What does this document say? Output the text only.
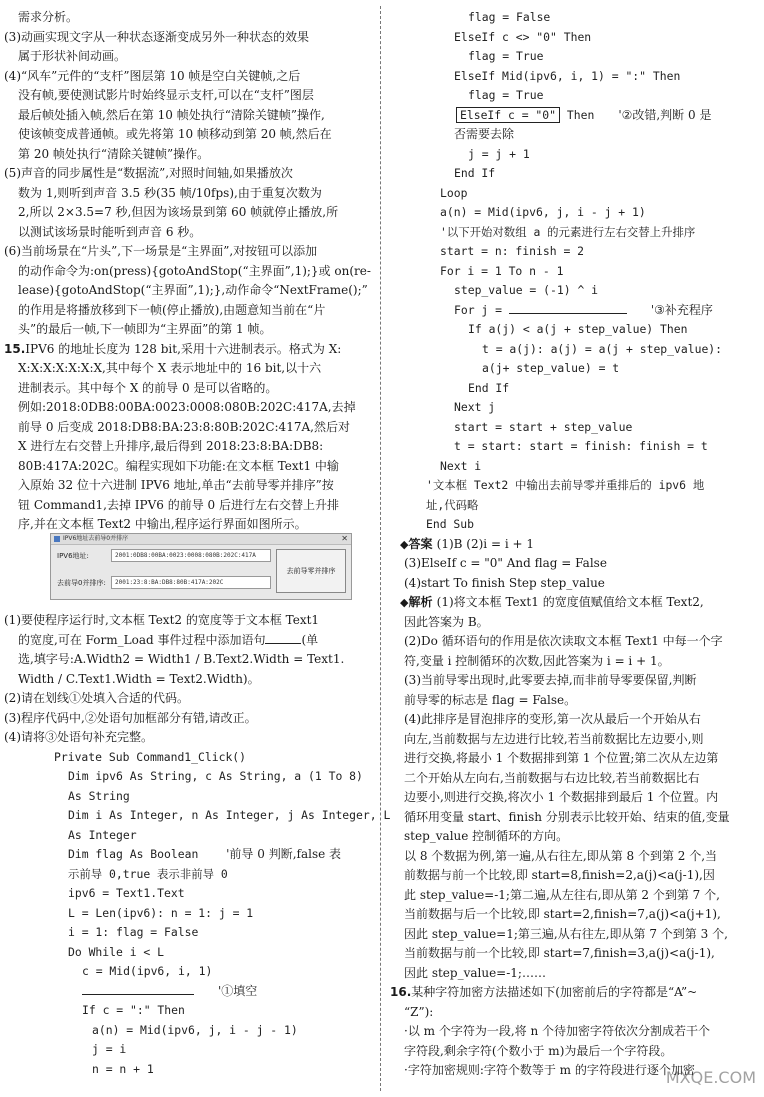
IPV6地址去前导0并排序	✕
IPV6地址:	2001:0DB8:00BA:0023:0008:080B:202C:417A
去前导0并排序:	2001:23:8:BA:DB8:80B:417A:202C
去前导零并排序
MXQE.COM
需求分析。
(3)动画实现文字从一种状态逐渐变成另外一种状态的效果
属于形状补间动画。
(4)“风车”元件的“支杆”图层第 10 帧是空白关键帧,之后
没有帧,要使测试影片时始终显示支杆,可以在“支杆”图层
最后帧处插入帧,然后在第 10 帧处执行“清除关键帧”操作,
使该帧变成普通帧。或先将第 10 帧移动到第 20 帧,然后在
第 20 帧处执行“清除关键帧”操作。
(5)声音的同步属性是“数据流”,对照时间轴,如果播放次
数为 1,则听到声音 3.5 秒(35 帧/10fps),由于重复次数为
2,所以 2×3.5=7 秒,但因为该场景到第 60 帧就停止播放,所
以测试该场景时能听到声音 6 秒。
(6)当前场景在“片头”,下一场景是“主界面”,对按钮可以添加
的动作命令为:on(press){gotoAndStop(“主界面”,1);}或 on(re-
lease){gotoAndStop(“主界面”,1);},动作命令“NextFrame();”
的作用是将播放移到下一帧(停止播放),由题意知当前在“片
头”的最后一帧,下一帧即为“主界面”的第 1 帧。
15.IPV6 的地址长度为 128 bit,采用十六进制表示。格式为 X:
X:X:X:X:X:X:X,其中每个 X 表示地址中的 16 bit,以十六
进制表示。其中每个 X 的前导 0 是可以省略的。
例如:2018:0DB8:00BA:0023:0008:080B:202C:417A,去掉
前导 0 后变成 2018:DB8:BA:23:8:80B:202C:417A,然后对
X 进行左右交替上升排序,最后得到 2018:23:8:BA:DB8:
80B:417A:202C。编程实现如下功能:在文本框 Text1 中输
入原始 32 位十六进制 IPV6 地址,单击“去前导零并排序”按
钮 Command1,去掉 IPV6 的前导 0 后进行左右交替上升排
序,并在文本框 Text2 中输出,程序运行界面如图所示。
(1)要使程序运行时,文本框 Text2 的宽度等于文本框 Text1
的宽度,可在 Form_Load 事件过程中添加语句	(单
选,填字号:A.Width2 = Width1 / B.Text2.Width = Text1.
Width / C.Text1.Width = Text2.Width)。
(2)请在划线①处填入合适的代码。
(3)程序代码中,②处语句加框部分有错,请改正。
(4)请将③处语句补充完整。
Private Sub Command1_Click()
Dim ipv6 As String, c As String, a (1 To 8)
As String
Dim i As Integer, n As Integer, j As Integer, L
As Integer
Dim flag As Boolean '前导 0 判断,false 表
示前导 0,true 表示非前导 0
ipv6 = Text1.Text
L = Len(ipv6): n = 1: j = 1
i = 1: flag = False
Do While i < L
c = Mid(ipv6, i, 1)
'①填空
If c = ":" Then
a(n) = Mid(ipv6, j, i - j - 1)
j = i
n = n + 1
flag = False
ElseIf c <> "0" Then
flag = True
ElseIf Mid(ipv6, i, 1) = ":" Then
flag = True
ElseIf c = "0" Then '②改错,判断 0 是
否需要去除
j = j + 1
End If
Loop
a(n) = Mid(ipv6, j, i - j + 1)
'以下开始对数组 a 的元素进行左右交替上升排序
start = n: finish = 2
For i = 1 To n - 1
step_value = (-1) ^ i
For j =	'③补充程序
If a(j) < a(j + step_value) Then
t = a(j): a(j) = a(j + step_value):
a(j+ step_value) = t
End If
Next j
start = start + step_value
t = start: start = finish: finish = t
Next i
'文本框 Text2 中输出去前导零并重排后的 ipv6 地
址,代码略
End Sub
◆答案 (1)B (2)i = i + 1
(3)ElseIf c = "0" And flag = False
(4)start To finish Step step_value
◆解析 (1)将文本框 Text1 的宽度值赋值给文本框 Text2,
因此答案为 B。
(2)Do 循环语句的作用是依次读取文本框 Text1 中每一个字
符,变量 i 控制循环的次数,因此答案为 i = i + 1。
(3)当前导零出现时,此零要去掉,而非前导零要保留,判断
前导零的标志是 flag = False。
(4)此排序是冒泡排序的变形,第一次从最后一个开始从右
向左,当前数据与左边进行比较,若当前数据比左边要小,则
进行交换,将最小 1 个数据排到第 1 个位置;第二次从左边第
二个开始从左向右,当前数据与右边比较,若当前数据比右
边要小,则进行交换,将次小 1 个数据排到最后 1 个位置。内
循环用变量 start、finish 分别表示比较开始、结束的值,变量
step_value 控制循环的方向。
以 8 个数据为例,第一遍,从右往左,即从第 8 个到第 2 个,当
前数据与前一个比较,即 start=8,finish=2,a(j)<a(j-1),因
此 step_value=-1;第二遍,从左往右,即从第 2 个到第 7 个,
当前数据与后一个比较,即 start=2,finish=7,a(j)<a(j+1),
因此 step_value=1;第三遍,从右往左,即从第 7 个到第 3 个,
当前数据与前一个比较,即 start=7,finish=3,a(j)<a(j-1),
因此 step_value=-1;……
16.某种字符加密方法描述如下(加密前后的字符都是“A”~
“Z”):
·以 m 个字符为一段,将 n 个待加密字符依次分割成若干个
字符段,剩余字符(个数小于 m)为最后一个字符段。
·字符加密规则:字符个数等于 m 的字符段进行逐个加密
